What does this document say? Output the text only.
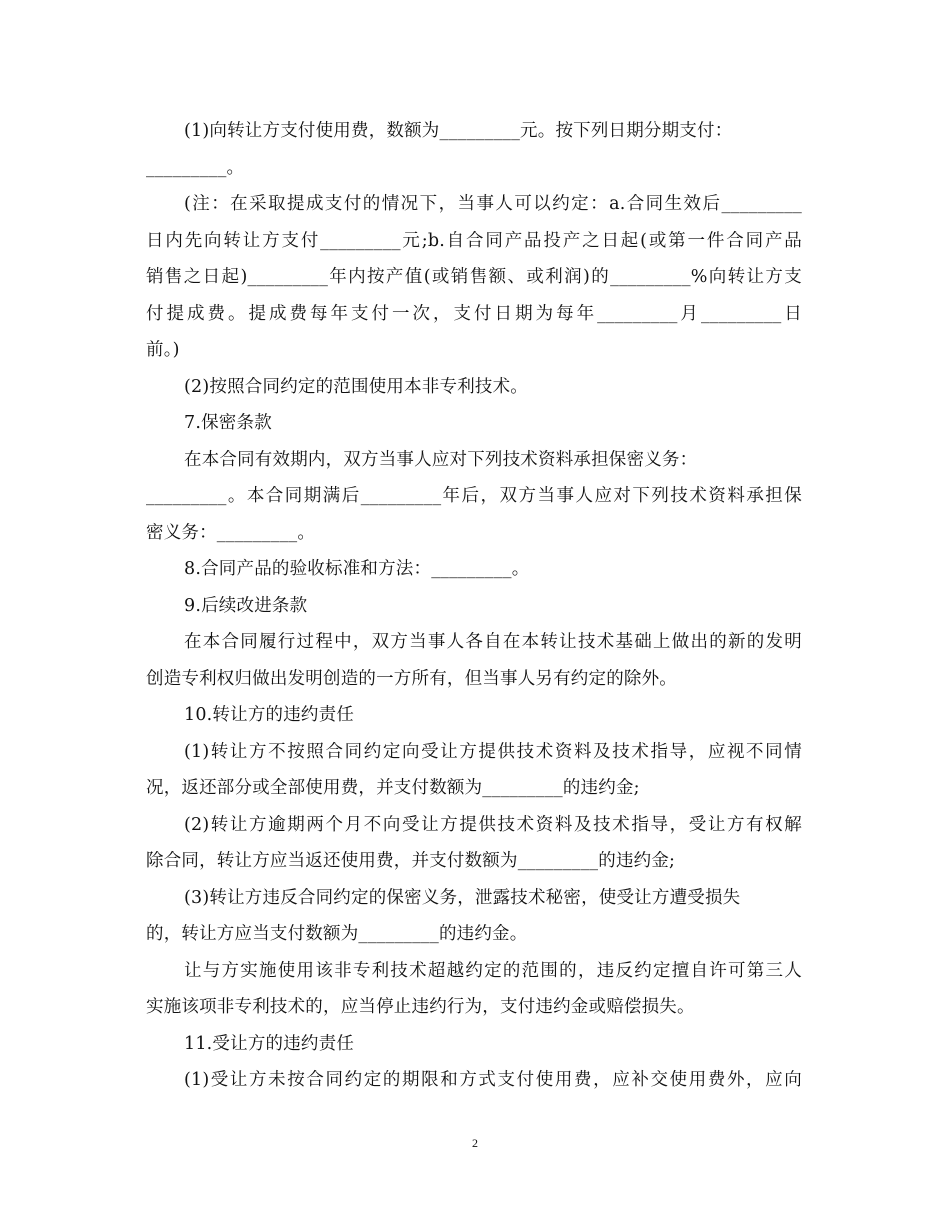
(1)向转让方支付使用费，数额为_________元。按下列日期分期支付：
_________。
(注：在采取提成支付的情况下，当事人可以约定：a.合同生效后_________
日内先向转让方支付_________元;b.自合同产品投产之日起(或第一件合同产品
销售之日起)_________年内按产值(或销售额、或利润)的_________%向转让方支
付提成费。提成费每年支付一次，支付日期为每年_________月_________日
前。)
(2)按照合同约定的范围使用本非专利技术。
7.保密条款
在本合同有效期内，双方当事人应对下列技术资料承担保密义务：
_________。本合同期满后_________年后，双方当事人应对下列技术资料承担保
密义务：_________。
8.合同产品的验收标准和方法：_________。
9.后续改进条款
在本合同履行过程中，双方当事人各自在本转让技术基础上做出的新的发明
创造专利权归做出发明创造的一方所有，但当事人另有约定的除外。
10.转让方的违约责任
(1)转让方不按照合同约定向受让方提供技术资料及技术指导，应视不同情
况，返还部分或全部使用费，并支付数额为_________的违约金;
(2)转让方逾期两个月不向受让方提供技术资料及技术指导，受让方有权解
除合同，转让方应当返还使用费，并支付数额为_________的违约金;
(3)转让方违反合同约定的保密义务，泄露技术秘密，使受让方遭受损失
的，转让方应当支付数额为_________的违约金。
让与方实施使用该非专利技术超越约定的范围的，违反约定擅自许可第三人
实施该项非专利技术的，应当停止违约行为，支付违约金或赔偿损失。
11.受让方的违约责任
(1)受让方未按合同约定的期限和方式支付使用费，应补交使用费外，应向
2
